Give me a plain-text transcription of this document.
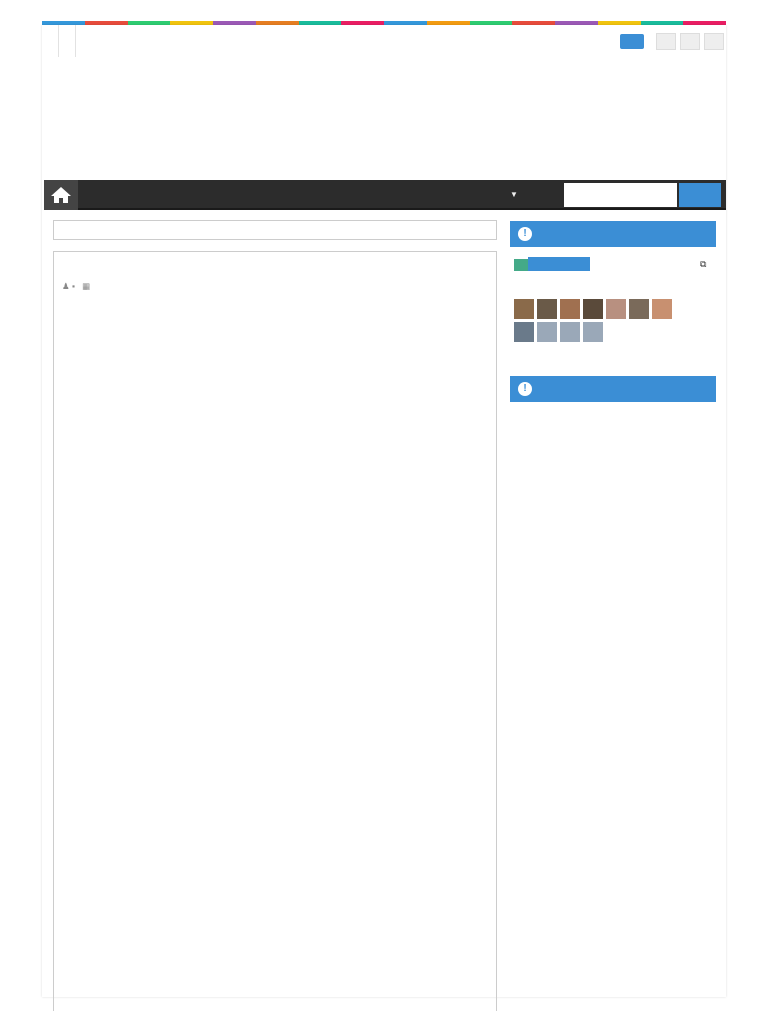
▼
♟ ▪ ▦
!
⧉
!
